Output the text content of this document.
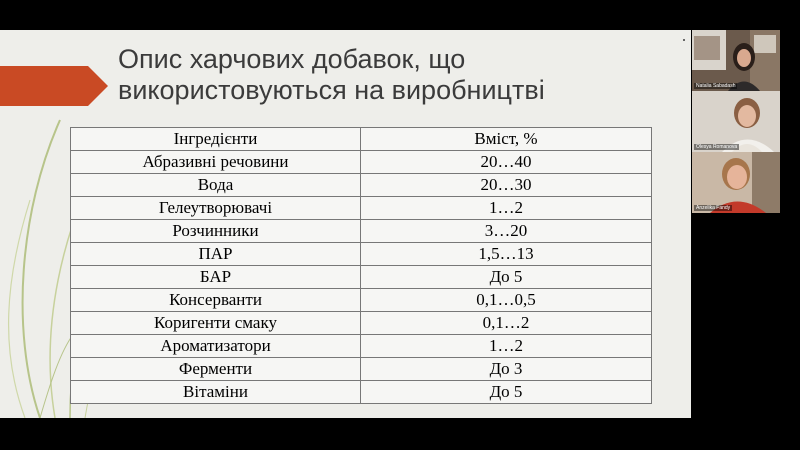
Опис харчових добавок, що
використовуються на виробництві
Інгредієнти	Вміст, %
Абразивні речовини	20…40
Вода	20…30
Гелеутворювачі	1…2
Розчинники	3…20
ПАР	1,5…13
БАР	До 5
Консерванти	0,1…0,5
Коригенти смаку	0,1…2
Ароматизатори	1…2
Ферменти	До 3
Вітаміни	До 5
Natalia Sabadash
Olesya Romanova
Anzelika Fandy
